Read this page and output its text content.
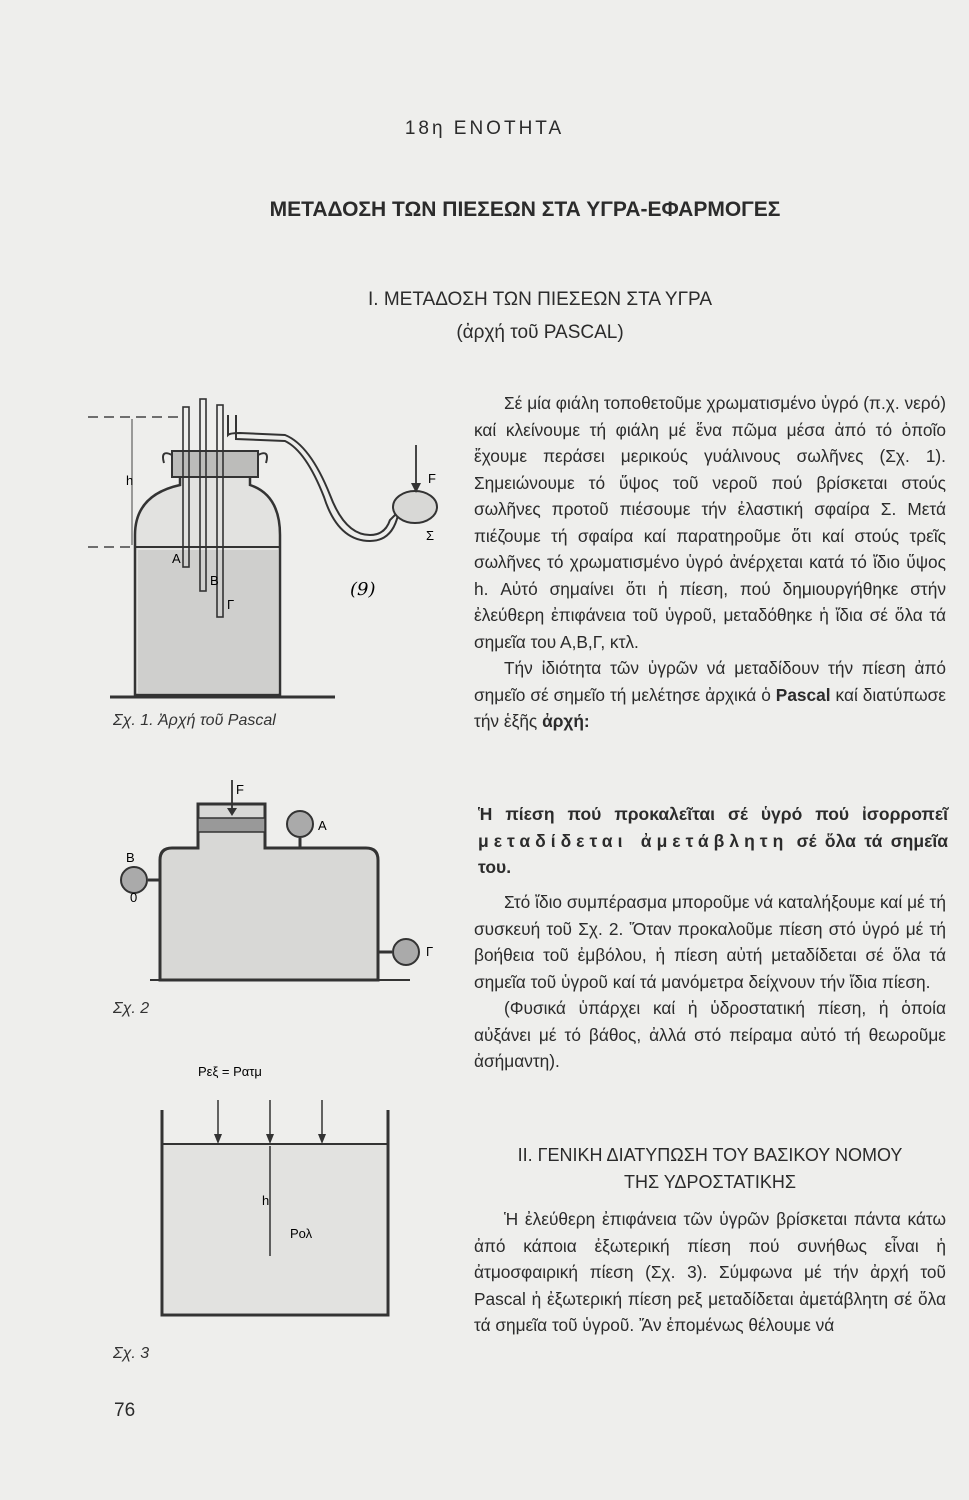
18η ΕΝΟΤΗΤΑ
ΜΕΤΑΔΟΣΗ ΤΩΝ ΠΙΕΣΕΩΝ ΣΤΑ ΥΓΡΑ-ΕΦΑΡΜΟΓΕΣ
Ι. ΜΕΤΑΔΟΣΗ ΤΩΝ ΠΙΕΣΕΩΝ ΣΤΑ ΥΓΡΑ
(ἀρχή τοῦ PASCAL)

Σέ μία φιάλη τοποθετοῦμε χρωματισμένο ὑγρό (π.χ. νερό) καί κλείνουμε τή φιάλη μέ ἕνα πῶμα μέσα ἀπό τό ὁποῖο ἔχουμε περάσει μερικούς γυάλινους σωλῆνες (Σχ. 1). Σημειώνουμε τό ὕψος τοῦ νεροῦ πού βρίσκεται στούς σωλῆνες προτοῦ πιέσουμε τήν ἐλαστική σφαίρα Σ. Μετά πιέζουμε τή σφαίρα καί παρατηροῦμε ὅτι καί στούς τρεῖς σωλῆνες τό χρωματισμένο ὑγρό ἀνέρχεται κατά τό ἴδιο ὕψος h. Αὐτό σημαίνει ὅτι ἡ πίεση, πού δημιουργήθηκε στήν ἐλεύθερη ἐπιφάνεια τοῦ ὑγροῦ, μεταδόθηκε ἡ ἴδια σέ ὅλα τά σημεῖα του Α,Β,Γ, κτλ.

Τήν ἰδιότητα τῶν ὑγρῶν νά μεταδίδουν τήν πίεση ἀπό σημεῖο σέ σημεῖο τή μελέτησε ἀρχικά ὁ Pascal καί διατύπωσε τήν ἑξῆς ἀρχή:

Ἡ πίεση πού προκαλεῖται σέ ὑγρό πού ἰσορροπεῖ μεταδίδεται ἀμετάβλητη σέ ὅλα τά σημεῖα του.

Στό ἴδιο συμπέρασμα μποροῦμε νά καταλήξουμε καί μέ τή συσκευή τοῦ Σχ. 2. Ὅταν προκαλοῦμε πίεση στό ὑγρό μέ τή βοήθεια τοῦ ἐμβόλου, ἡ πίεση αὐτή μεταδίδεται σέ ὅλα τά σημεῖα τοῦ ὑγροῦ καί τά μανόμετρα δείχνουν τήν ἴδια πίεση.

(Φυσικά ὑπάρχει καί ἡ ὑδροστατική πίεση, ἡ ὁποία αὐξάνει μέ τό βάθος, ἀλλά στό πείραμα αὐτό τή θεωροῦμε ἀσήμαντη).

ΙΙ. ΓΕΝΙΚΗ ΔΙΑΤΥΠΩΣΗ ΤΟΥ ΒΑΣΙΚΟΥ ΝΟΜΟΥ
ΤΗΣ ΥΔΡΟΣΤΑΤΙΚΗΣ

Ἡ ἐλεύθερη ἐπιφάνεια τῶν ὑγρῶν βρίσκεται πάντα κάτω ἀπό κάποια ἐξωτερική πίεση πού συνήθως εἶναι ἡ ἀτμοσφαιρική πίεση (Σχ. 3). Σύμφωνα μέ τήν ἀρχή τοῦ Pascal ἡ ἐξωτερική πίεση pεξ μεταδίδεται ἀμετάβλητη σέ ὅλα τά σημεῖα τοῦ ὑγροῦ. Ἄν ἑπομένως θέλουμε νά

h
Α
Β
Γ
F
Σ
(9)
Σχ. 1. Ἀρχή τοῦ Pascal
F
Α
Β
Γ
0
Σχ. 2
Pεξ = Pατμ
h
Pολ
Σχ. 3
76
